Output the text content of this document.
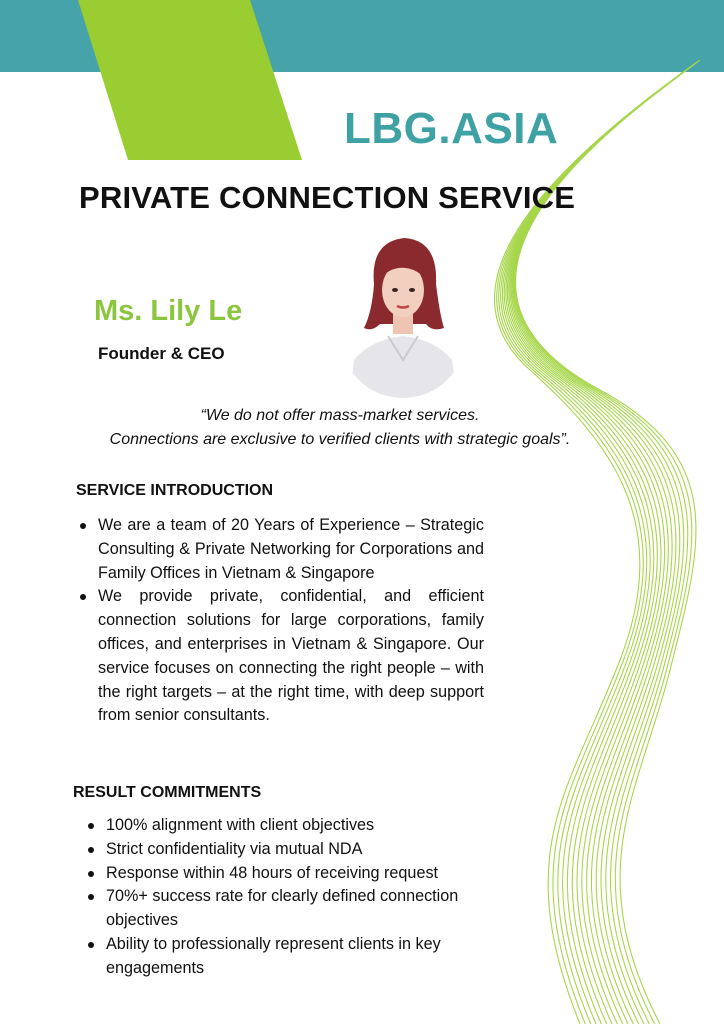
LBG.ASIA
PRIVATE CONNECTION SERVICE
Ms. Lily Le
Founder & CEO
“We do not offer mass-market services.
Connections are exclusive to verified clients with strategic goals”.
SERVICE INTRODUCTION
We are a team of 20 Years of Experience – Strategic Consulting & Private Networking for Corporations and Family Offices in Vietnam & Singapore
We provide private, confidential, and efficient connection solutions for large corporations, family offices, and enterprises in Vietnam & Singapore. Our service focuses on connecting the right people – with the right targets – at the right time, with deep support from senior consultants.
RESULT COMMITMENTS
100% alignment with client objectives
Strict confidentiality via mutual NDA
Response within 48 hours of receiving request
70%+ success rate for clearly defined connection objectives
Ability to professionally represent clients in key engagements
